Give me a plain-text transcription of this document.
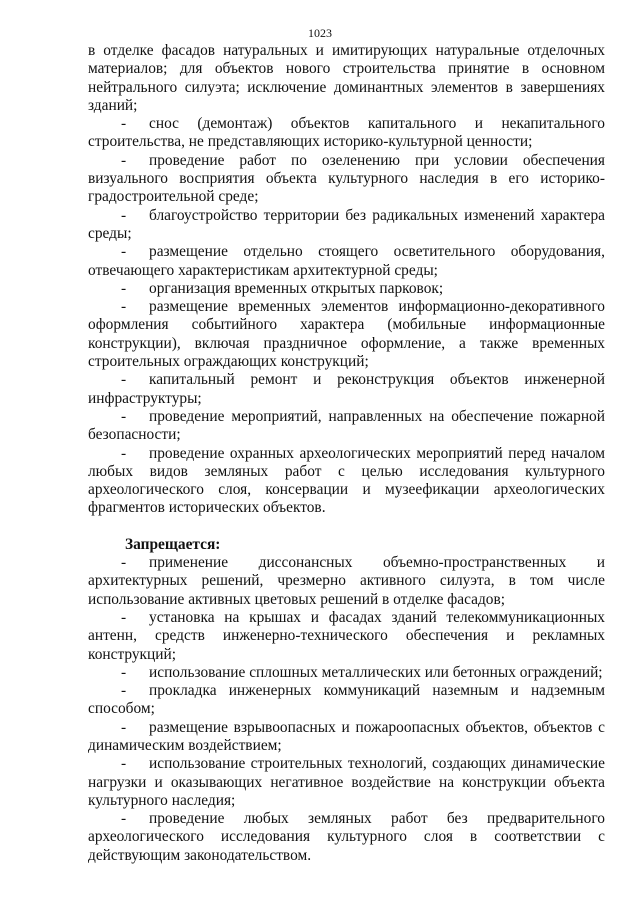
1023

в отделке фасадов натуральных и имитирующих натуральные отделочных материалов; для объектов нового строительства принятие в основном нейтрального силуэта; исключение доминантных элементов в завершениях зданий;

- снос (демонтаж) объектов капитального и некапитального строительства, не представляющих историко-культурной ценности;

- проведение работ по озеленению при условии обеспечения визуального восприятия объекта культурного наследия в его историко-градостроительной среде;

- благоустройство территории без радикальных изменений характера среды;

- размещение отдельно стоящего осветительного оборудования, отвечающего характеристикам архитектурной среды;

- организация временных открытых парковок;

- размещение временных элементов информационно-декоративного оформления событийного характера (мобильные информационные конструкции), включая праздничное оформление, а также временных строительных ограждающих конструкций;

- капитальный ремонт и реконструкция объектов инженерной инфраструктуры;

- проведение мероприятий, направленных на обеспечение пожарной безопасности;

- проведение охранных археологических мероприятий перед началом любых видов земляных работ с целью исследования культурного археологического слоя, консервации и музеефикации археологических фрагментов исторических объектов.

Запрещается:

- применение диссонансных объемно-пространственных и архитектурных решений, чрезмерно активного силуэта, в том числе использование активных цветовых решений в отделке фасадов;

- установка на крышах и фасадах зданий телекоммуникационных антенн, средств инженерно-технического обеспечения и рекламных конструкций;

- использование сплошных металлических или бетонных ограждений;

- прокладка инженерных коммуникаций наземным и надземным способом;

- размещение взрывоопасных и пожароопасных объектов, объектов с динамическим воздействием;

- использование строительных технологий, создающих динамические нагрузки и оказывающих негативное воздействие на конструкции объекта культурного наследия;

- проведение любых земляных работ без предварительного археологического исследования культурного слоя в соответствии с действующим законодательством.
